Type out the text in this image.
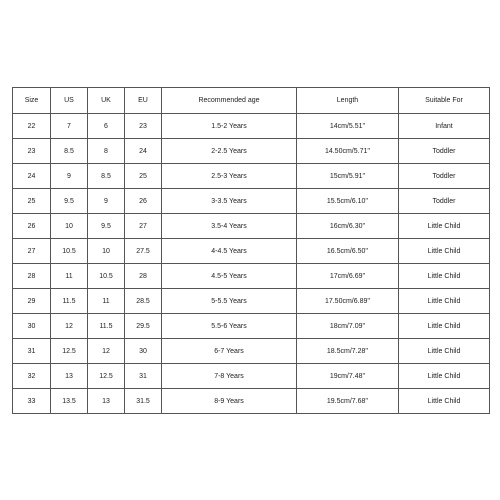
Size	US	UK	EU	Recommended age	Length	Suitable For
22	7	6	23	1.5-2 Years	14cm/5.51''	Infant
23	8.5	8	24	2-2.5 Years	14.50cm/5.71''	Toddler
24	9	8.5	25	2.5-3 Years	15cm/5.91''	Toddler
25	9.5	9	26	3-3.5 Years	15.5cm/6.10''	Toddler
26	10	9.5	27	3.5-4 Years	16cm/6.30''	Little Child
27	10.5	10	27.5	4-4.5 Years	16.5cm/6.50''	Little Child
28	11	10.5	28	4.5-5 Years	17cm/6.69''	Little Child
29	11.5	11	28.5	5-5.5 Years	17.50cm/6.89''	Little Child
30	12	11.5	29.5	5.5-6 Years	18cm/7.09''	Little Child
31	12.5	12	30	6-7 Years	18.5cm/7.28''	Little Child
32	13	12.5	31	7-8 Years	19cm/7.48''	Little Child
33	13.5	13	31.5	8-9 Years	19.5cm/7.68''	Little Child
